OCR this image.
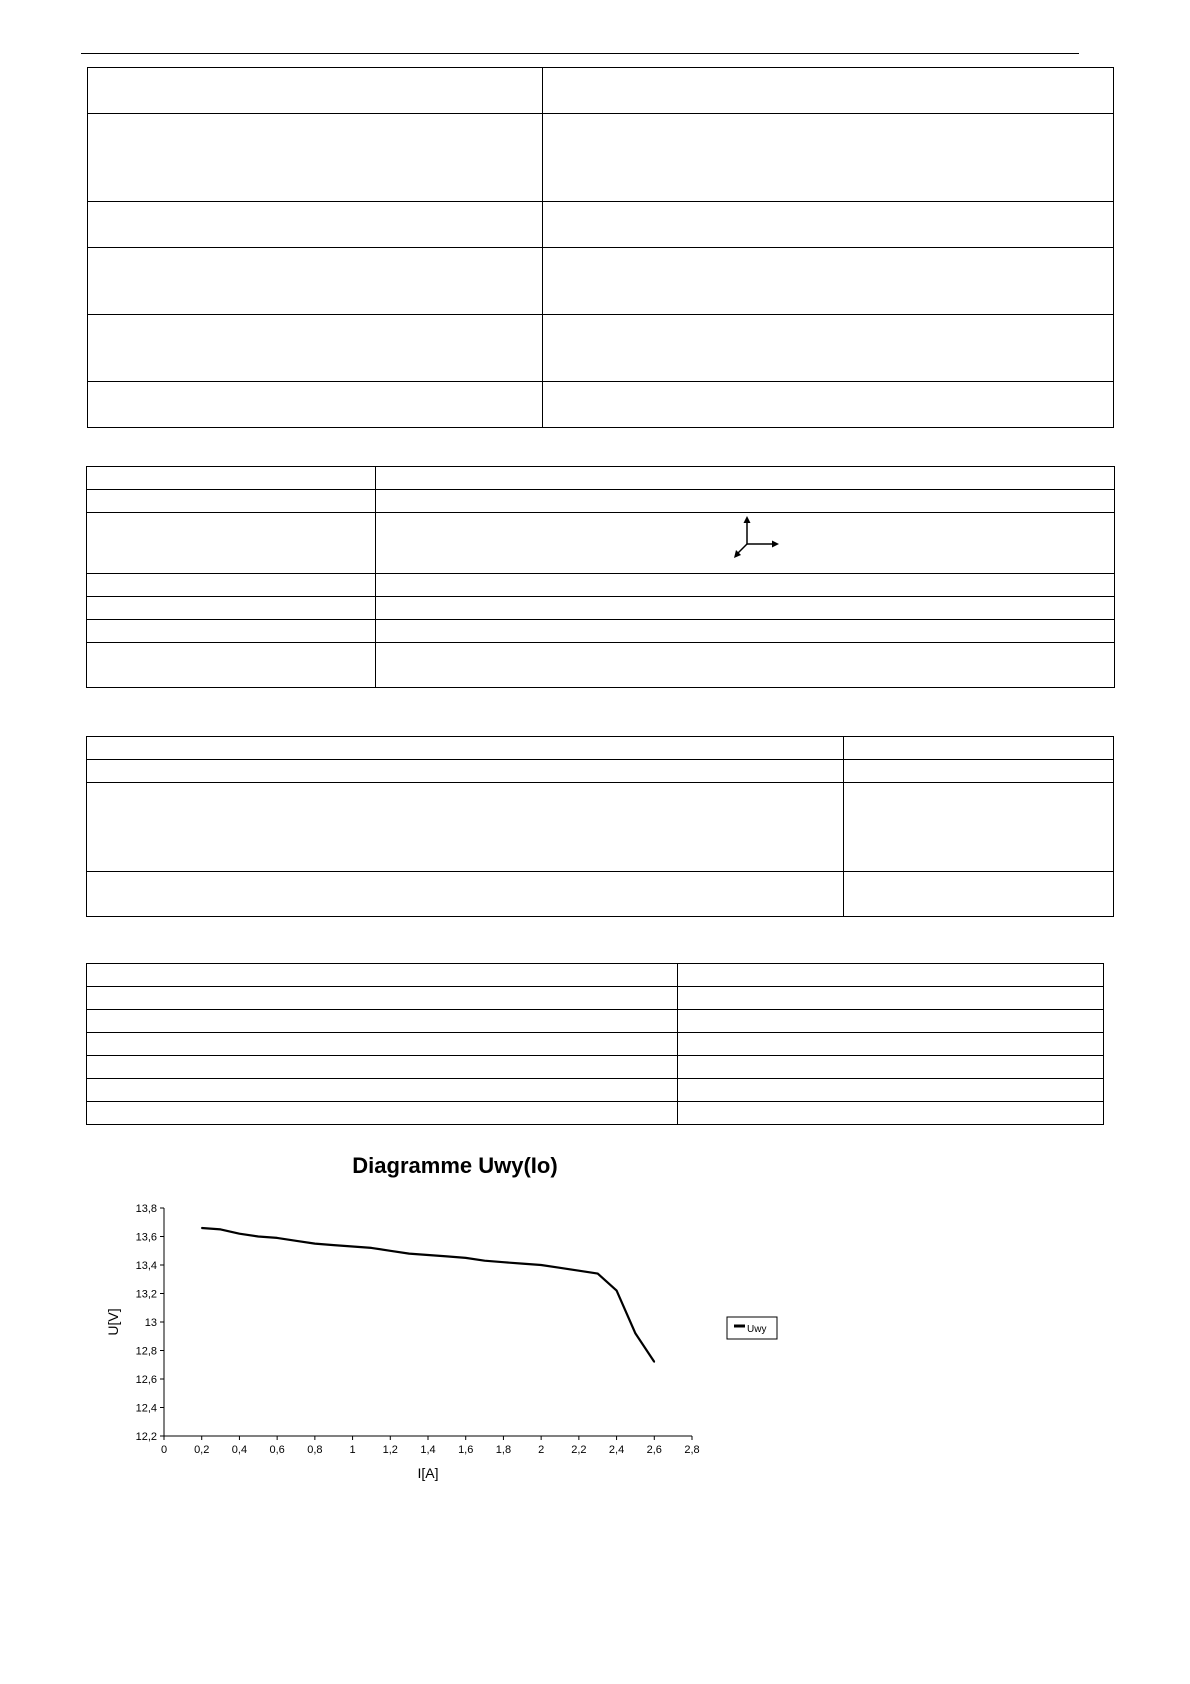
Diagramme Uwy(Io)
12,2
12,4
12,6
12,8
13
13,2
13,4
13,6
13,8
0 0,2 0,4 0,6 0,8 1 1,2 1,4 1,6 1,8 2 2,2 2,4 2,6 2,8
U[V]
I[A]
Uwy
